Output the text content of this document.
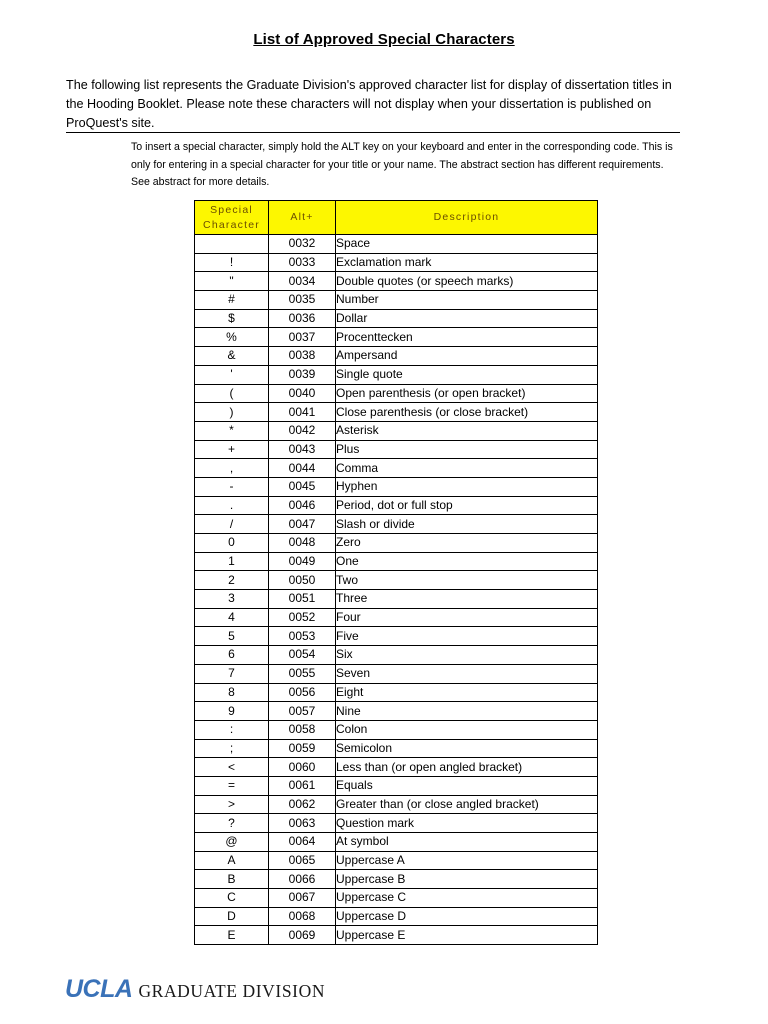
List of Approved Special Characters
The following list represents the Graduate Division's approved character list for display of dissertation titles in the Hooding Booklet. Please note these characters will not display when your dissertation is published on ProQuest's site.
To insert a special character, simply hold the ALT key on your keyboard and enter in the corresponding code. This is only for entering in a special character for your title or your name. The abstract section has different requirements. See abstract for more details.
Special
Character	Alt+	Description
	0032	Space
!	0033	Exclamation mark
"	0034	Double quotes (or speech marks)
#	0035	Number
$	0036	Dollar
%	0037	Procenttecken
&	0038	Ampersand
'	0039	Single quote
(	0040	Open parenthesis (or open bracket)
)	0041	Close parenthesis (or close bracket)
*	0042	Asterisk
+	0043	Plus
,	0044	Comma
-	0045	Hyphen
.	0046	Period, dot or full stop
/	0047	Slash or divide
0	0048	Zero
1	0049	One
2	0050	Two
3	0051	Three
4	0052	Four
5	0053	Five
6	0054	Six
7	0055	Seven
8	0056	Eight
9	0057	Nine
:	0058	Colon
;	0059	Semicolon
<	0060	Less than (or open angled bracket)
=	0061	Equals
>	0062	Greater than (or close angled bracket)
?	0063	Question mark
@	0064	At symbol
A	0065	Uppercase A
B	0066	Uppercase B
C	0067	Uppercase C
D	0068	Uppercase D
E	0069	Uppercase E
UCLA GRADUATE DIVISION
